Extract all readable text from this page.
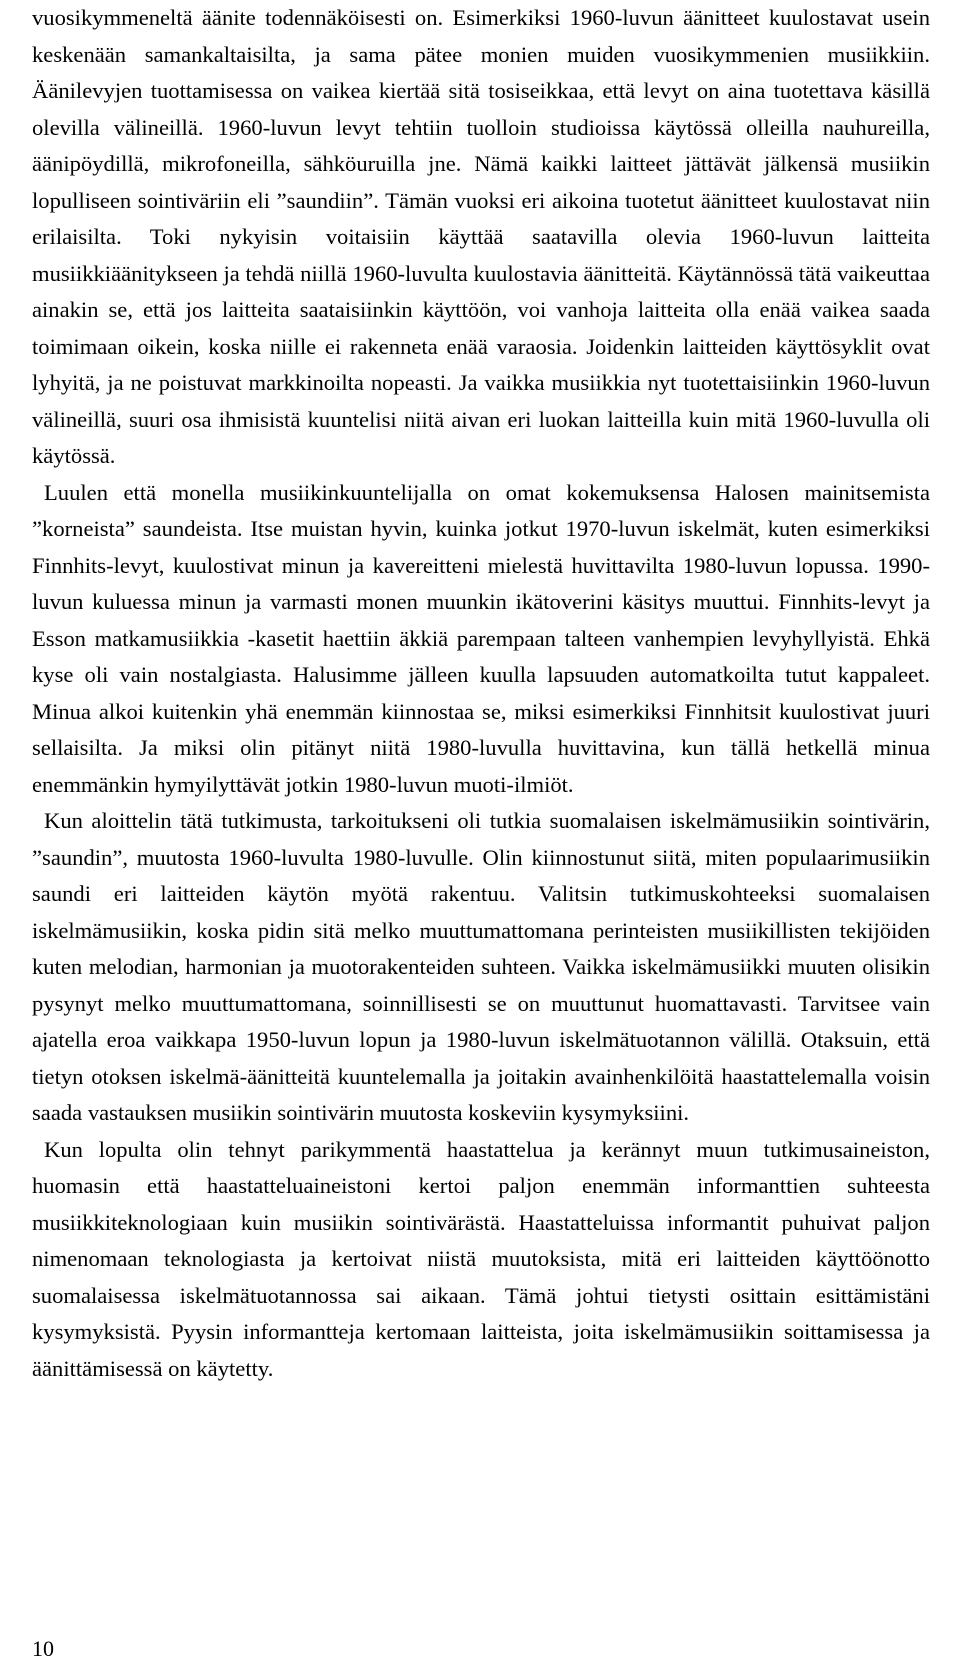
vuosikymmeneltä äänite todennäköisesti on. Esimerkiksi 1960-luvun äänitteet kuulostavat usein keskenään samankaltaisilta, ja sama pätee monien muiden vuosikymmenien musiikkiin. Äänilevyjen tuottamisessa on vaikea kiertää sitä tosiseikkaa, että levyt on aina tuotettava käsillä olevilla välineillä. 1960-luvun levyt tehtiin tuolloin studioissa käytössä olleilla nauhureilla, äänipöydillä, mikrofoneilla, sähköuruilla jne. Nämä kaikki laitteet jättävät jälkensä musiikin lopulliseen sointiväriin eli ”saundiin”. Tämän vuoksi eri aikoina tuotetut äänitteet kuulostavat niin erilaisilta. Toki nykyisin voitaisiin käyttää saatavilla olevia 1960-luvun laitteita musiikkiäänitykseen ja tehdä niillä 1960-luvulta kuulostavia äänitteitä. Käytännössä tätä vaikeuttaa ainakin se, että jos laitteita saataisiinkin käyttöön, voi vanhoja laitteita olla enää vaikea saada toimimaan oikein, koska niille ei rakenneta enää varaosia. Joidenkin laitteiden käyttösyklit ovat lyhyitä, ja ne poistuvat markkinoilta nopeasti. Ja vaikka musiikkia nyt tuotettaisiinkin 1960-luvun välineillä, suuri osa ihmisistä kuuntelisi niitä aivan eri luokan laitteilla kuin mitä 1960-luvulla oli käytössä.

Luulen että monella musiikinkuuntelijalla on omat kokemuksensa Halosen mainitsemista ”korneista” saundeista. Itse muistan hyvin, kuinka jotkut 1970-luvun iskelmät, kuten esimerkiksi Finnhits-levyt, kuulostivat minun ja kavereitteni mielestä huvittavilta 1980-luvun lopussa. 1990-luvun kuluessa minun ja varmasti monen muunkin ikätoverini käsitys muuttui. Finnhits-levyt ja Esson matkamusiikkia -kasetit haettiin äkkiä parempaan talteen vanhempien levyhyllyistä. Ehkä kyse oli vain nostalgiasta. Halusimme jälleen kuulla lapsuuden automatkoilta tutut kappaleet. Minua alkoi kuitenkin yhä enemmän kiinnostaa se, miksi esimerkiksi Finnhitsit kuulostivat juuri sellaisilta. Ja miksi olin pitänyt niitä 1980-luvulla huvittavina, kun tällä hetkellä minua enemmänkin hymyilyttävät jotkin 1980-luvun muoti-ilmiöt.

Kun aloittelin tätä tutkimusta, tarkoitukseni oli tutkia suomalaisen iskelmämusiikin sointivärin, ”saundin”, muutosta 1960-luvulta 1980-luvulle. Olin kiinnostunut siitä, miten populaarimusiikin saundi eri laitteiden käytön myötä rakentuu. Valitsin tutkimuskohteeksi suomalaisen iskelmämusiikin, koska pidin sitä melko muuttumattomana perinteisten musiikillisten tekijöiden kuten melodian, harmonian ja muotorakenteiden suhteen. Vaikka iskelmämusiikki muuten olisikin pysynyt melko muuttumattomana, soinnillisesti se on muuttunut huomattavasti. Tarvitsee vain ajatella eroa vaikkapa 1950-luvun lopun ja 1980-luvun iskelmätuotannon välillä. Otaksuin, että tietyn otoksen iskelmä-äänitteitä kuuntelemalla ja joitakin avainhenkilöitä haastattelemalla voisin saada vastauksen musiikin sointivärin muutosta koskeviin kysymyksiini.

Kun lopulta olin tehnyt parikymmentä haastattelua ja kerännyt muun tutkimusaineiston, huomasin että haastatteluaineistoni kertoi paljon enemmän informanttien suhteesta musiikkiteknologiaan kuin musiikin sointivärästä. Haastatteluissa informantit puhuivat paljon nimenomaan teknologiasta ja kertoivat niistä muutoksista, mitä eri laitteiden käyttöönotto suomalaisessa iskelmätuotannossa sai aikaan. Tämä johtui tietysti osittain esittämistäni kysymyksistä. Pyysin informantteja kertomaan laitteista, joita iskelmämusiikin soittamisessa ja äänittämisessä on käytetty.

10
